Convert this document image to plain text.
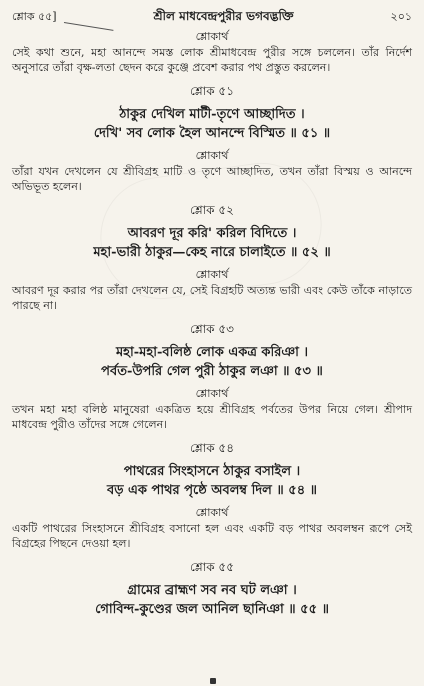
শ্লোক ৫৫]	শ্রীল মাধবেন্দ্রপুরীর ভগবদ্ভক্তি	২০১
শ্লোকার্থ

সেই কথা শুনে, মহা আনন্দে সমস্ত লোক শ্রীমাধবেন্দ্র পুরীর সঙ্গে চললেন। তাঁর নির্দেশ অনুসারে তাঁরা বৃক্ষ-লতা ছেদন করে কুঞ্জে প্রবেশ করার পথ প্রস্তুত করলেন।

শ্লোক ৫১
ঠাকুর দেখিল মাটী-তৃণে আচ্ছাদিত ।
দেখি' সব লোক হৈল আনন্দে বিস্মিত ॥ ৫১ ॥
শ্লোকার্থ

তাঁরা যখন দেখলেন যে শ্রীবিগ্রহ মাটি ও তৃণে আচ্ছাদিত, তখন তাঁরা বিস্ময় ও আনন্দে অভিভূত হলেন।

শ্লোক ৫২
আবরণ দূর করি' করিল বিদিতে ।
মহা-ভারী ঠাকুর—কেহ নারে চালাইতে ॥ ৫২ ॥
শ্লোকার্থ

আবরণ দূর করার পর তাঁরা দেখলেন যে, সেই বিগ্রহটি অত্যন্ত ভারী এবং কেউ তাঁকে নাড়াতে পারছে না।

শ্লোক ৫৩
মহা-মহা-বলিষ্ঠ লোক একত্র করিঞা ।
পর্বত-উপরি গেল পুরী ঠাকুর লঞা ॥ ৫৩ ॥
শ্লোকার্থ

তখন মহা মহা বলিষ্ঠ মানুষেরা একত্রিত হয়ে শ্রীবিগ্রহ পর্বতের উপর নিয়ে গেল। শ্রীপাদ মাধবেন্দ্র পুরীও তাঁদের সঙ্গে গেলেন।

শ্লোক ৫৪
পাথরের সিংহাসনে ঠাকুর বসাইল ।
বড় এক পাথর পৃষ্ঠে অবলম্ব দিল ॥ ৫৪ ॥
শ্লোকার্থ

একটি পাথরের সিংহাসনে শ্রীবিগ্রহ বসানো হল এবং একটি বড় পাথর অবলম্বন রূপে সেই বিগ্রহের পিছনে দেওয়া হল।

শ্লোক ৫৫
গ্রামের ব্রাহ্মণ সব নব ঘট লঞা ।
গোবিন্দ-কুণ্ডের জল আনিল ছানিঞা ॥ ৫৫ ॥
